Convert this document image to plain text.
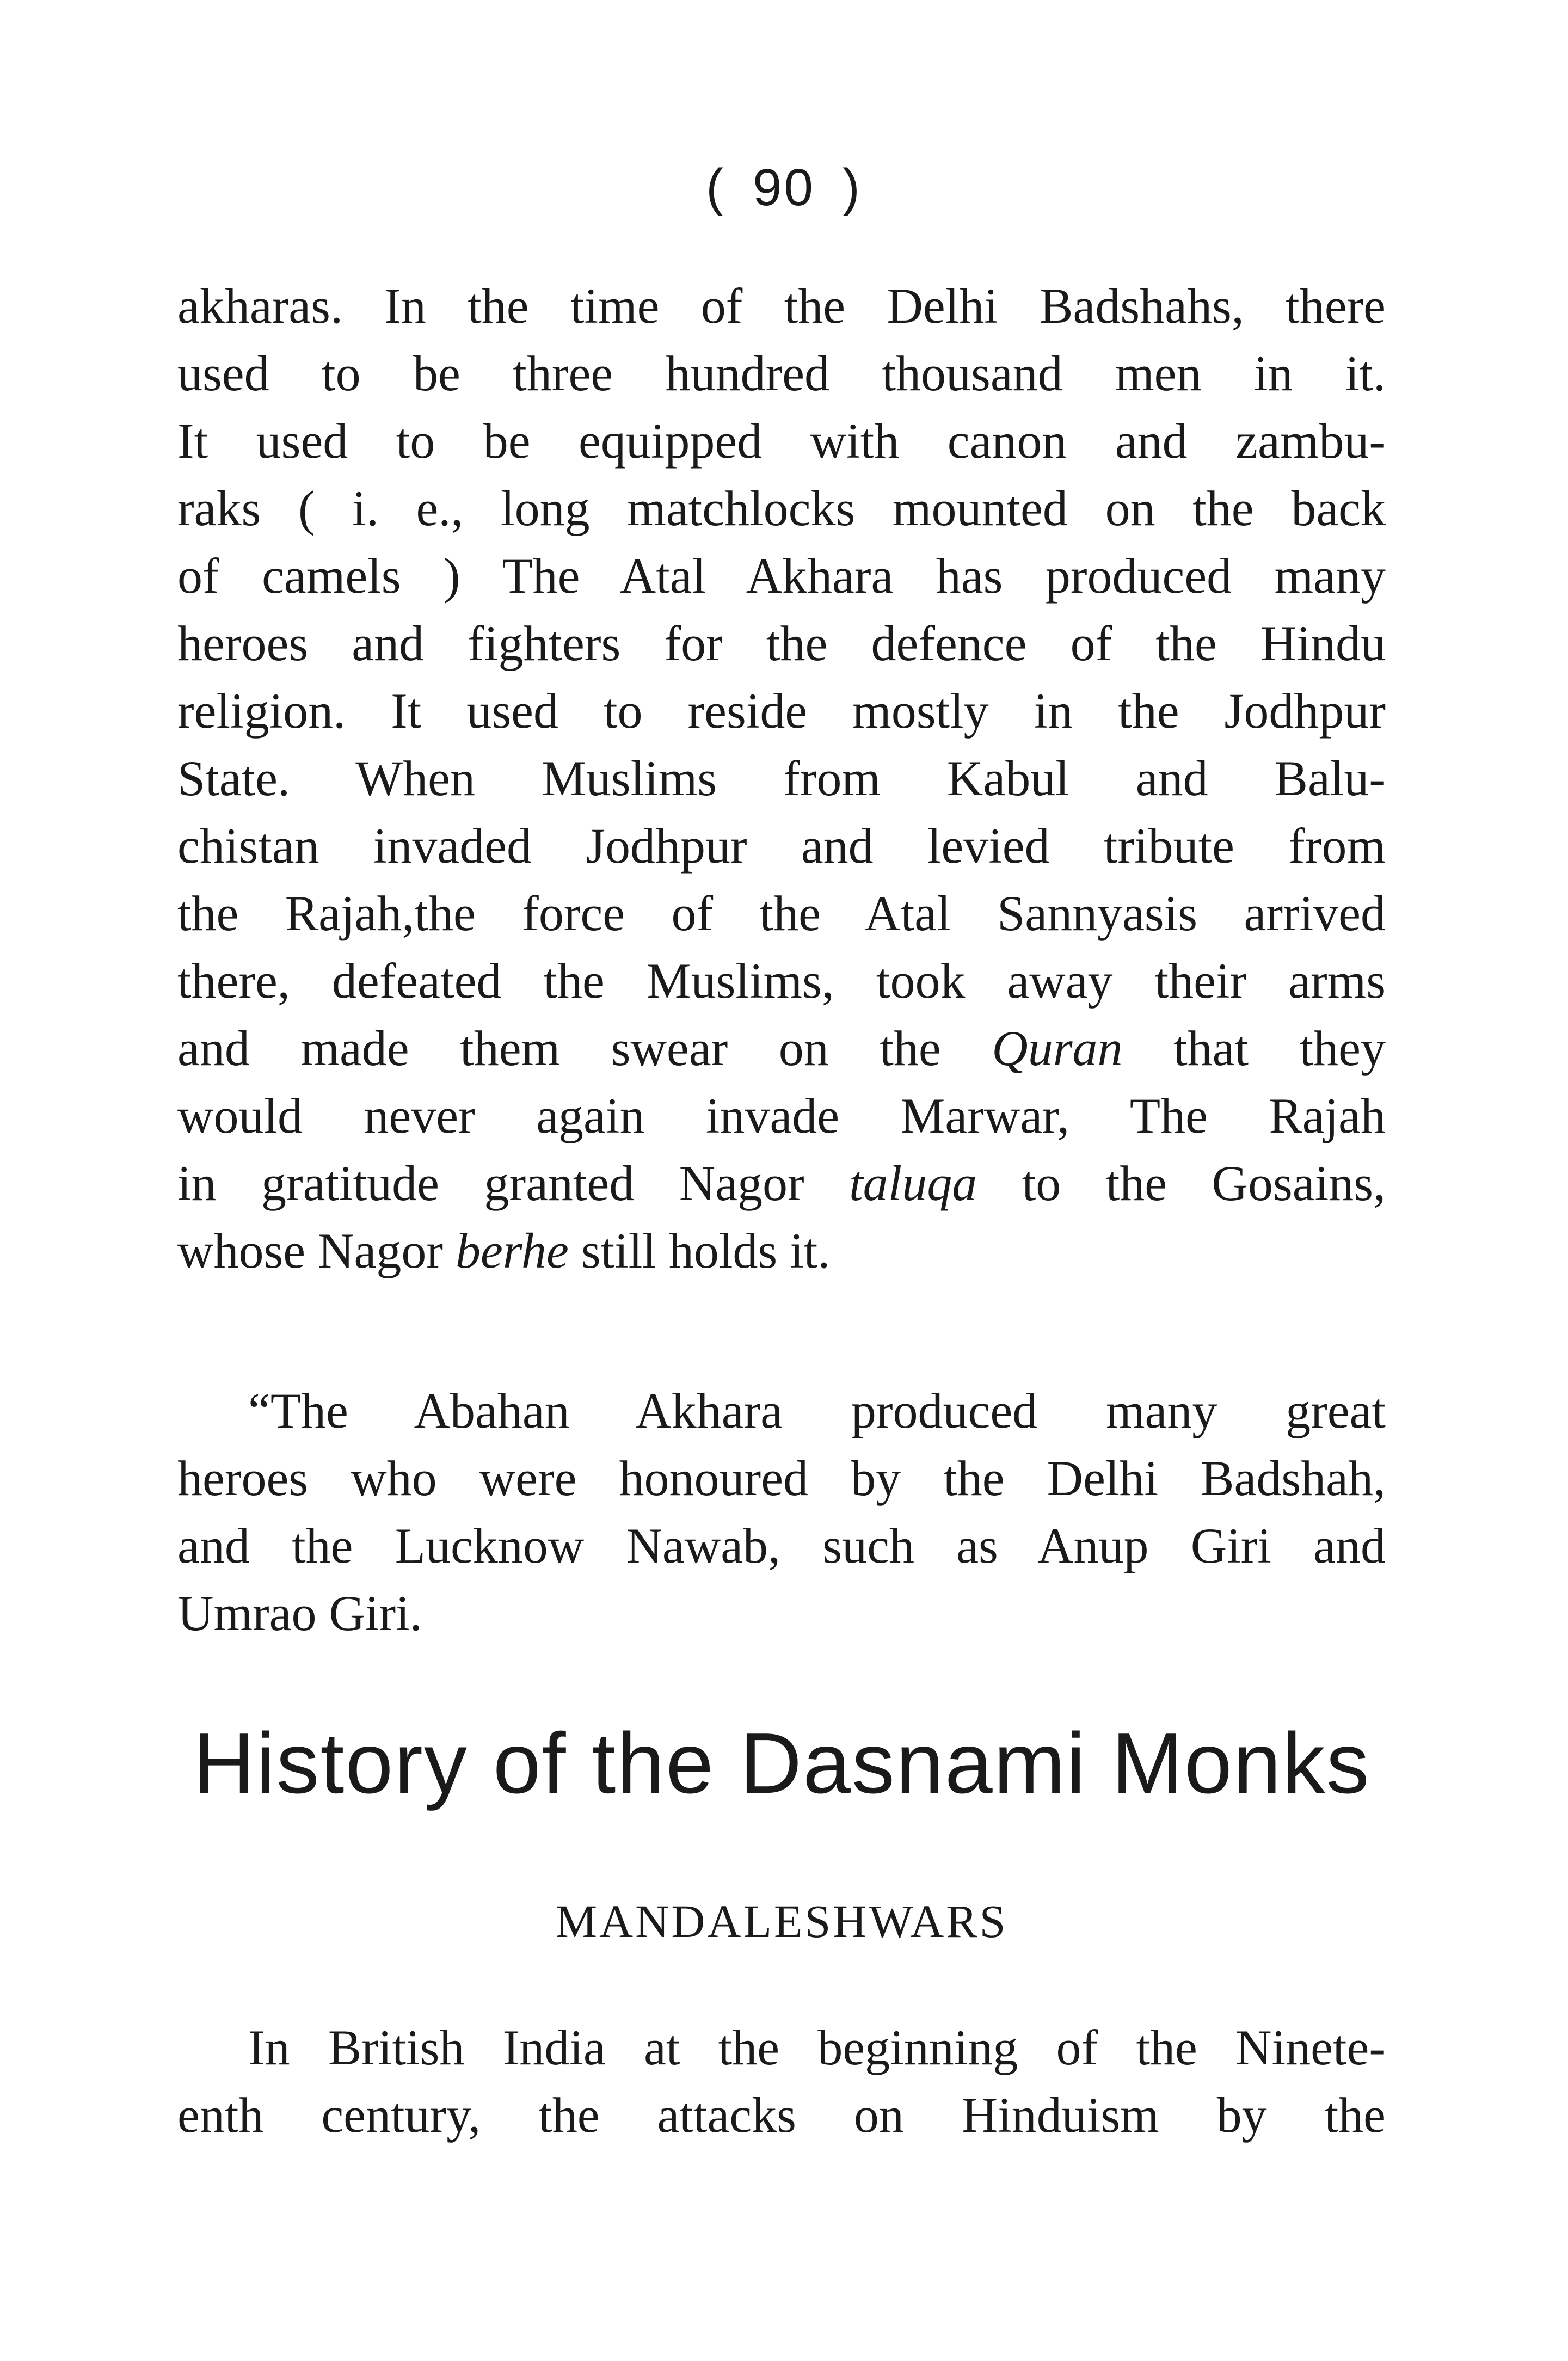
( 90 )
akharas. In the time of the Delhi Badshahs, there
used to be three hundred thousand men in it.
It used to be equipped with canon and zambu-
raks ( i. e., long matchlocks mounted on the back
of camels ) The Atal Akhara has produced many
heroes and fighters for the defence of the Hindu
religion. It used to reside mostly in the Jodhpur
State. When Muslims from Kabul and Balu-
chistan invaded Jodhpur and levied tribute from
the Rajah,the force of the Atal Sannyasis arrived
there, defeated the Muslims, took away their arms
and made them swear on the Quran that they
would never again invade Marwar, The Rajah
in gratitude granted Nagor taluqa to the Gosains,
whose Nagor berhe still holds it.
“The Abahan Akhara produced many great
heroes who were honoured by the Delhi Badshah,
and the Lucknow Nawab, such as Anup Giri and
Umrao Giri.
History of the Dasnami Monks
MANDALESHWARS
In British India at the beginning of the Ninete-
enth century, the attacks on Hinduism by the
